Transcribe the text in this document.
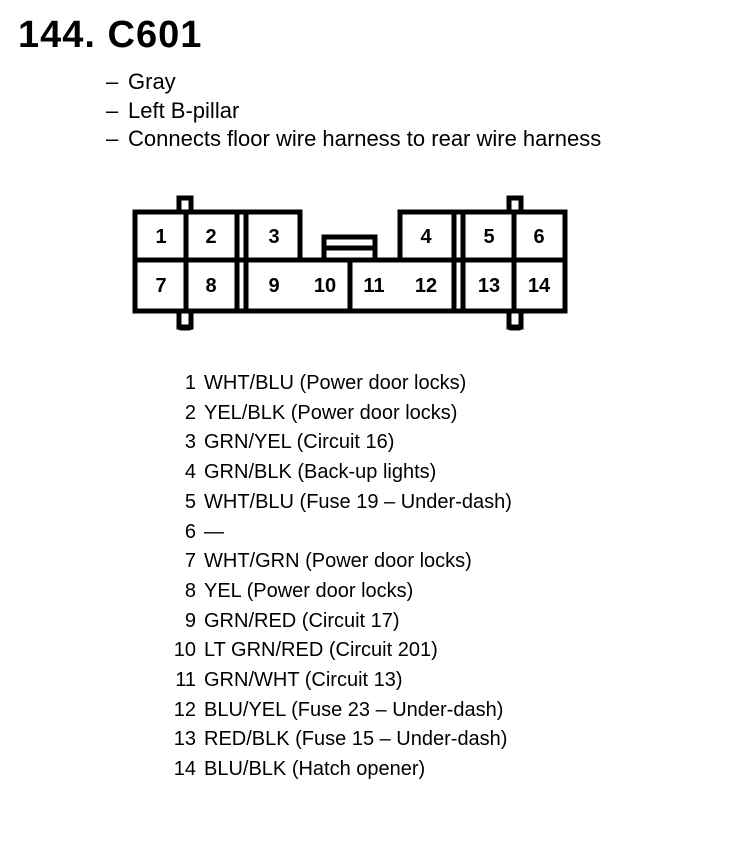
144. C601
– Gray
– Left B-pillar
– Connects floor wire harness to rear wire harness
1 2	3	4	5 6
7 8	9 10 11 12 13 14
1 WHT/BLU (Power door locks)
2 YEL/BLK (Power door locks)
3 GRN/YEL (Circuit 16)
4 GRN/BLK (Back-up lights)
5 WHT/BLU (Fuse 19 – Under-dash)
6 —
7 WHT/GRN (Power door locks)
8 YEL (Power door locks)
9 GRN/RED (Circuit 17)
10 LT GRN/RED (Circuit 201)
11 GRN/WHT (Circuit 13)
12 BLU/YEL (Fuse 23 – Under-dash)
13 RED/BLK (Fuse 15 – Under-dash)
14 BLU/BLK (Hatch opener)
